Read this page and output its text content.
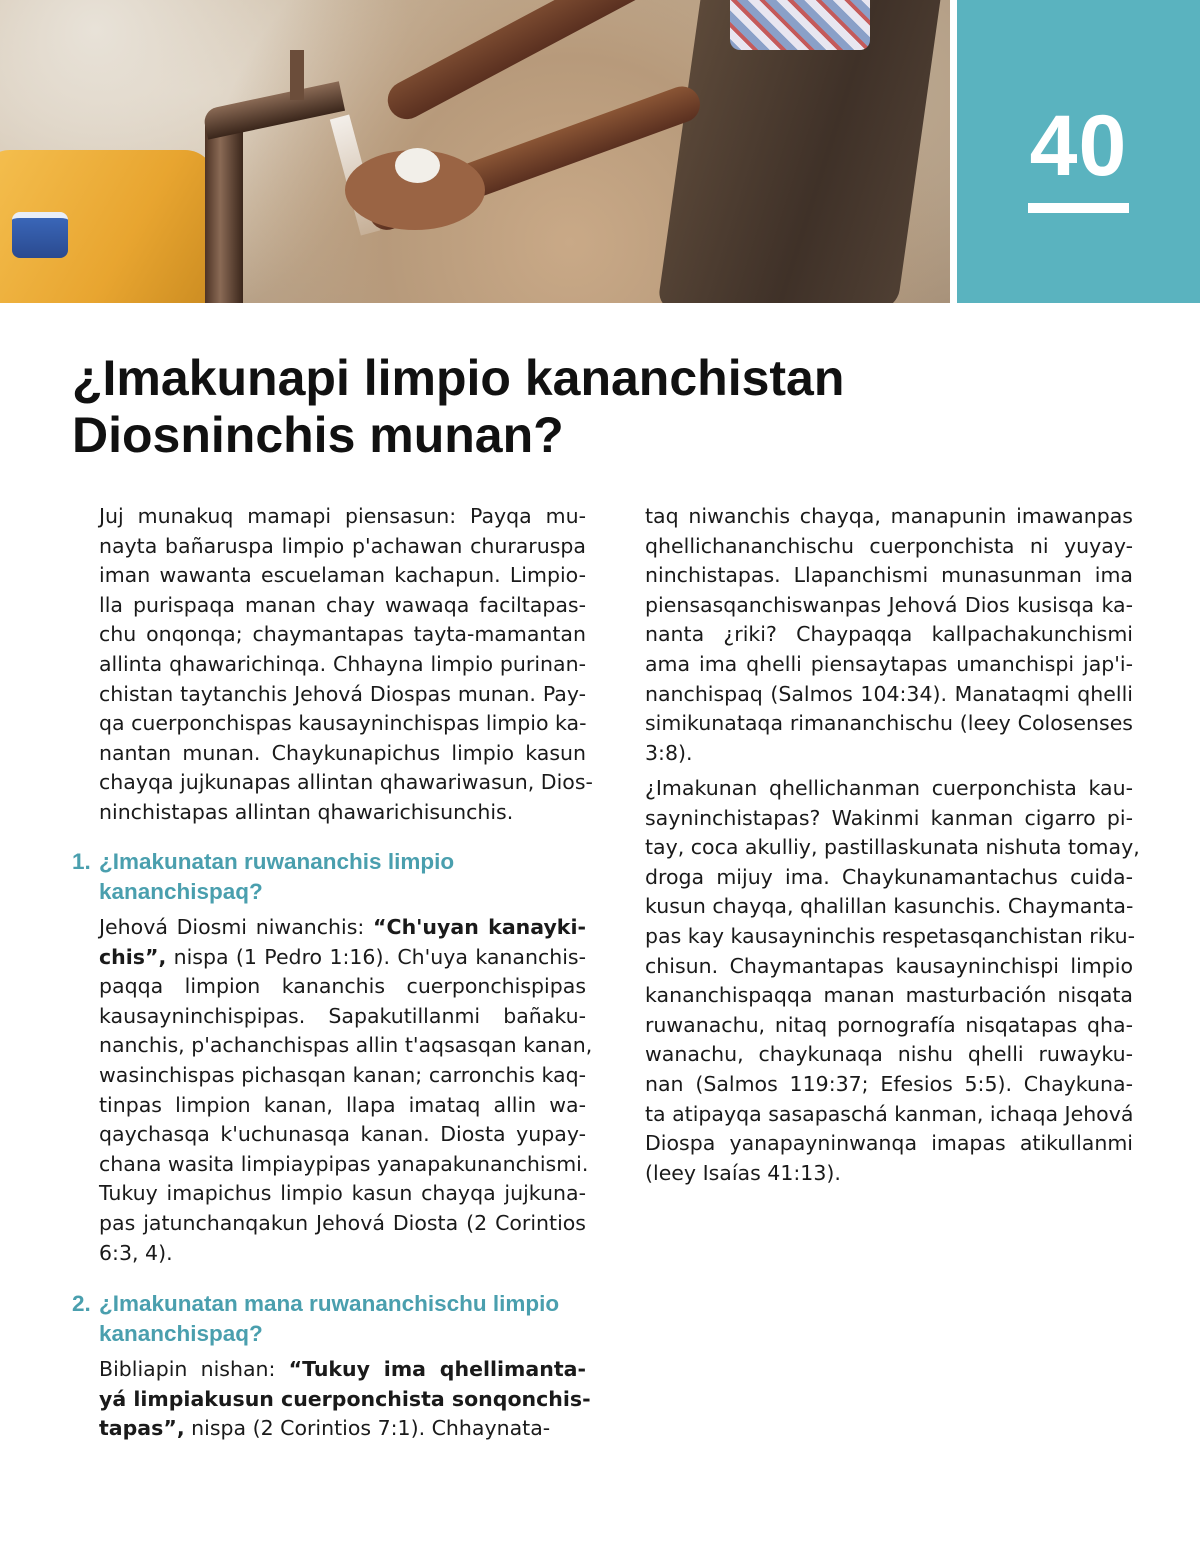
40
¿Imakunapi limpio kananchistan
Diosninchis munan?

Juj munakuq mamapi piensasun: Payqa mu-
nayta bañaruspa limpio p'achawan churaruspa
iman wawanta escuelaman kachapun. Limpio-
lla purispaqa manan chay wawaqa faciltapas-
chu onqonqa; chaymantapas tayta-mamantan
allinta qhawarichinqa. Chhayna limpio purinan-
chistan taytanchis Jehová Diospas munan. Pay-
qa cuerponchispas kausayninchispas limpio ka-
nantan munan. Chaykunapichus limpio kasun
chayqa jujkunapas allintan qhawariwasun, Dios-
ninchistapas allintan qhawarichisunchis.

1. ¿Imakunatan ruwananchis limpio
kananchispaq?

Jehová Diosmi niwanchis: “Ch'uyan kanayki-
chis”, nispa (1 Pedro 1:16). Ch'uya kananchis-
paqqa limpion kananchis cuerponchispipas
kausayninchispipas. Sapakutillanmi bañaku-
nanchis, p'achanchispas allin t'aqsasqan kanan,
wasinchispas pichasqan kanan; carronchis kaq-
tinpas limpion kanan, llapa imataq allin wa-
qaychasqa k'uchunasqa kanan. Diosta yupay-
chana wasita limpiaypipas yanapakunanchismi.
Tukuy imapichus limpio kasun chayqa jujkuna-
pas jatunchanqakun Jehová Diosta (2 Corintios
6:3, 4).

2. ¿Imakunatan mana ruwananchischu limpio
kananchispaq?

Bibliapin nishan: “Tukuy ima qhellimanta-
yá limpiakusun cuerponchista sonqonchis-
tapas”, nispa (2 Corintios 7:1). Chhaynata-

taq niwanchis chayqa, manapunin imawanpas
qhellichananchischu cuerponchista ni yuyay-
ninchistapas. Llapanchismi munasunman ima
piensasqanchiswanpas Jehová Dios kusisqa ka-
nanta ¿riki? Chaypaqqa kallpachakunchismi
ama ima qhelli piensaytapas umanchispi jap'i-
nanchispaq (Salmos 104:34). Manataqmi qhelli
simikunataqa rimananchischu (leey Colosenses
3:8).

¿Imakunan qhellichanman cuerponchista kau-
sayninchistapas? Wakinmi kanman cigarro pi-
tay, coca akulliy, pastillaskunata nishuta tomay,
droga mijuy ima. Chaykunamantachus cuida-
kusun chayqa, qhalillan kasunchis. Chaymanta-
pas kay kausayninchis respetasqanchistan riku-
chisun. Chaymantapas kausayninchispi limpio
kananchispaqqa manan masturbación nisqata
ruwanachu, nitaq pornografía nisqatapas qha-
wanachu, chaykunaqa nishu qhelli ruwayku-
nan (Salmos 119:37; Efesios 5:5). Chaykuna-
ta atipayqa sasapaschá kanman, ichaqa Jehová
Diospa yanapayninwanqa imapas atikullanmi
(leey Isaías 41:13).
